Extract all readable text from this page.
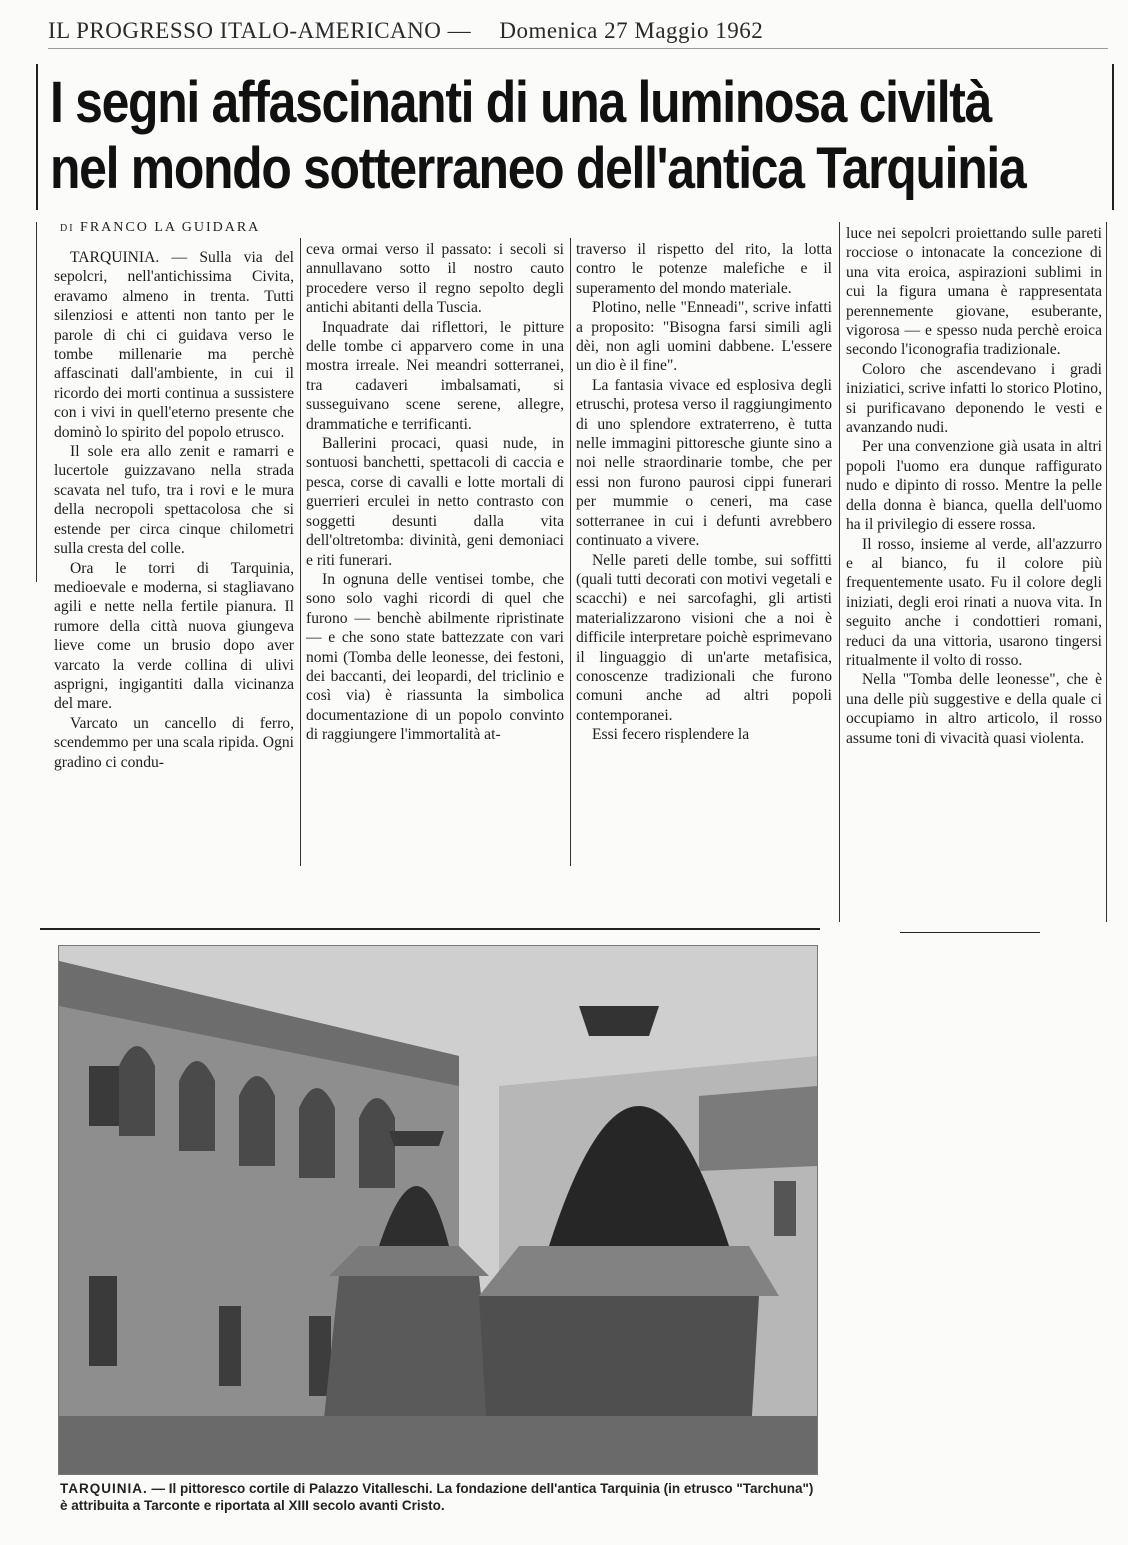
IL PROGRESSO ITALO-AMERICANO — Domenica 27 Maggio 1962
I segni affascinanti di una luminosa civiltà
nel mondo sotterraneo dell'antica Tarquinia
di FRANCO LA GUIDARA

TARQUINIA. — Sulla via del sepolcri, nell'antichissima Civita, eravamo almeno in trenta. Tutti silenziosi e attenti non tanto per le parole di chi ci guidava verso le tombe millenarie ma perchè affascinati dall'ambiente, in cui il ricordo dei morti continua a sussistere con i vivi in quell'eterno presente che dominò lo spirito del popolo etrusco.

Il sole era allo zenit e ramarri e lucertole guizzavano nella strada scavata nel tufo, tra i rovi e le mura della necropoli spettacolosa che si estende per circa cinque chilometri sulla cresta del colle.

Ora le torri di Tarquinia, medioevale e moderna, si stagliavano agili e nette nella fertile pianura. Il rumore della città nuova giungeva lieve come un brusio dopo aver varcato la verde collina di ulivi asprigni, ingigantiti dalla vicinanza del mare.

Varcato un cancello di ferro, scendemmo per una scala ripida. Ogni gradino ci condu-

ceva ormai verso il passato: i secoli si annullavano sotto il nostro cauto procedere verso il regno sepolto degli antichi abitanti della Tuscia.

Inquadrate dai riflettori, le pitture delle tombe ci apparvero come in una mostra irreale. Nei meandri sotterranei, tra cadaveri imbalsamati, si susseguivano scene serene, allegre, drammatiche e terrificanti.

Ballerini procaci, quasi nude, in sontuosi banchetti, spettacoli di caccia e pesca, corse di cavalli e lotte mortali di guerrieri erculei in netto contrasto con soggetti desunti dalla vita dell'oltretomba: divinità, geni demoniaci e riti funerari.

In ognuna delle ventisei tombe, che sono solo vaghi ricordi di quel che furono — benchè abilmente ripristinate — e che sono state battezzate con vari nomi (Tomba delle leonesse, dei festoni, dei baccanti, dei leopardi, del triclinio e così via) è riassunta la simbolica documentazione di un popolo convinto di raggiungere l'immortalità at-

traverso il rispetto del rito, la lotta contro le potenze malefiche e il superamento del mondo materiale.

Plotino, nelle "Enneadi", scrive infatti a proposito: "Bisogna farsi simili agli dèi, non agli uomini dabbene. L'essere un dio è il fine".

La fantasia vivace ed esplosiva degli etruschi, protesa verso il raggiungimento di uno splendore extraterreno, è tutta nelle immagini pittoresche giunte sino a noi nelle straordinarie tombe, che per essi non furono paurosi cippi funerari per mummie o ceneri, ma case sotterranee in cui i defunti avrebbero continuato a vivere.

Nelle pareti delle tombe, sui soffitti (quali tutti decorati con motivi vegetali e scacchi) e nei sarcofaghi, gli artisti materializzarono visioni che a noi è difficile interpretare poichè esprimevano il linguaggio di un'arte metafisica, conoscenze tradizionali che furono comuni anche ad altri popoli contemporanei.

Essi fecero risplendere la

luce nei sepolcri proiettando sulle pareti rocciose o intonacate la concezione di una vita eroica, aspirazioni sublimi in cui la figura umana è rappresentata perennemente giovane, esuberante, vigorosa — e spesso nuda perchè eroica secondo l'iconografia tradizionale.

Coloro che ascendevano i gradi iniziatici, scrive infatti lo storico Plotino, si purificavano deponendo le vesti e avanzando nudi.

Per una convenzione già usata in altri popoli l'uomo era dunque raffigurato nudo e dipinto di rosso. Mentre la pelle della donna è bianca, quella dell'uomo ha il privilegio di essere rossa.

Il rosso, insieme al verde, all'azzurro e al bianco, fu il colore più frequentemente usato. Fu il colore degli iniziati, degli eroi rinati a nuova vita. In seguito anche i condottieri romani, reduci da una vittoria, usarono tingersi ritualmente il volto di rosso.

Nella "Tomba delle leonesse", che è una delle più suggestive e della quale ci occupiamo in altro articolo, il rosso assume toni di vivacità quasi violenta.

TARQUINIA. — Il pittoresco cortile di Palazzo Vitalleschi. La fondazione dell'antica Tarquinia (in etrusco "Tarchuna") è attribuita a Tarconte e riportata al XIII secolo avanti Cristo.
